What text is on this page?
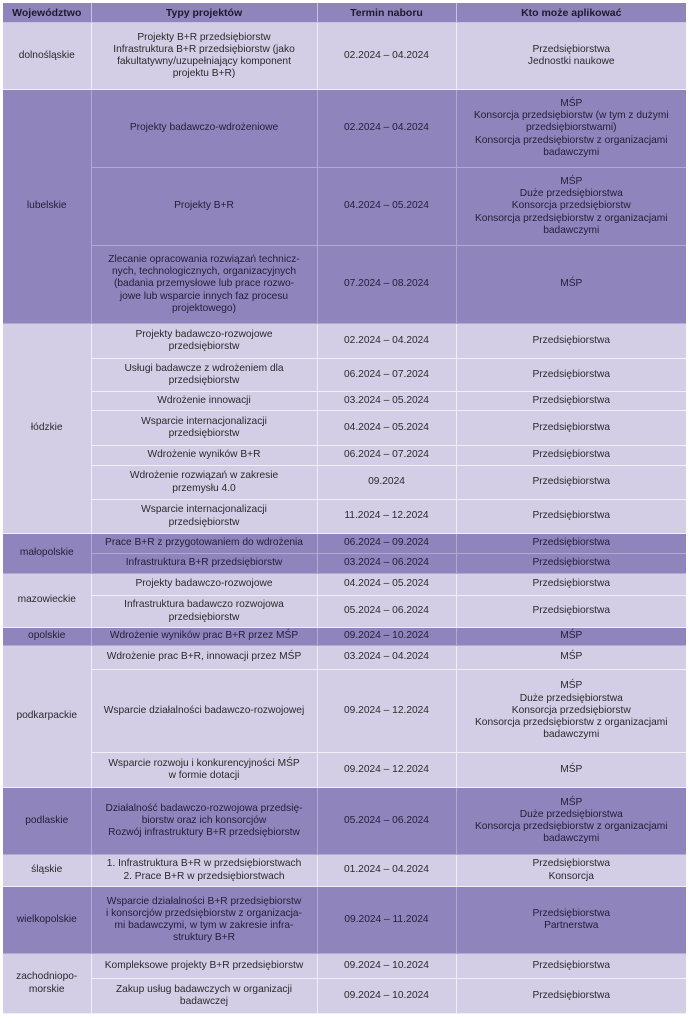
Województwo	Typy projektów	Termin naboru	Kto może aplikować

dolnośląskie	Projekty B+R przedsiębiorstw
Infrastruktura B+R przedsiębiorstw (jako
fakultatywny/uzupełniający komponent
projektu B+R)	02.2024 – 04.2024	Przedsiębiorstwa
Jednostki naukowe

lubelskie	Projekty badawczo-wdrożeniowe	02.2024 – 04.2024	MŚP
Konsorcja przedsiębiorstw (w tym z dużymi
przedsiębiorstwami)
Konsorcja przedsiębiorstw z organizacjami
badawczymi

	Projekty B+R	04.2024 – 05.2024	MŚP
Duże przedsiębiorstwa
Konsorcja przedsiębiorstw
Konsorcja przedsiębiorstw z organizacjami
badawczymi

	Zlecanie opracowania rozwiązań technicz-
nych, technologicznych, organizacyjnych
(badania przemysłowe lub prace rozwo-
jowe lub wsparcie innych faz procesu
projektowego)	07.2024 – 08.2024	MŚP

łódzkie	Projekty badawczo-rozwojowe
przedsiębiorstw	02.2024 – 04.2024	Przedsiębiorstwa

	Usługi badawcze z wdrożeniem dla
przedsiębiorstw	06.2024 – 07.2024	Przedsiębiorstwa

	Wdrożenie innowacji	03.2024 – 05.2024	Przedsiębiorstwa

	Wsparcie internacjonalizacji
przedsiębiorstw	04.2024 – 05.2024	Przedsiębiorstwa

	Wdrożenie wyników B+R	06.2024 – 07.2024	Przedsiębiorstwa

	Wdrożenie rozwiązań w zakresie
przemysłu 4.0	09.2024	Przedsiębiorstwa

	Wsparcie internacjonalizacji
przedsiębiorstw	11.2024 – 12.2024	Przedsiębiorstwa

małopolskie	Prace B+R z przygotowaniem do wdrożenia	06.2024 – 09.2024	Przedsiębiorstwa

	Infrastruktura B+R przedsiębiorstw	03.2024 – 06.2024	Przedsiębiorstwa

mazowieckie	Projekty badawczo-rozwojowe	04.2024 – 05.2024	Przedsiębiorstwa

	Infrastruktura badawczo rozwojowa
przedsiębiorstw	05.2024 – 06.2024	Przedsiębiorstwa

opolskie	Wdrożenie wyników prac B+R przez MŚP	09.2024 – 10.2024	MŚP

podkarpackie	Wdrożenie prac B+R, innowacji przez MŚP	03.2024 – 04.2024	MŚP

	Wsparcie działalności badawczo-rozwojowej	09.2024 – 12.2024	MŚP
Duże przedsiębiorstwa
Konsorcja przedsiębiorstw
Konsorcja przedsiębiorstw z organizacjami
badawczymi

	Wsparcie rozwoju i konkurencyjności MŚP
w formie dotacji	09.2024 – 12.2024	MŚP

podlaskie	Działalność badawczo-rozwojowa przedsię-
biorstw oraz ich konsorcjów
Rozwój infrastruktury B+R przedsiębiorstw	05.2024 – 06.2024	MŚP
Duże przedsiębiorstwa
Konsorcja przedsiębiorstw z organizacjami
badawczymi

śląskie	1. Infrastruktura B+R w przedsiębiorstwach
2. Prace B+R w przedsiębiorstwach	01.2024 – 04.2024	Przedsiębiorstwa
Konsorcja

wielkopolskie	Wsparcie działalności B+R przedsiębiorstw
i konsorcjów przedsiębiorstw z organizacja-
mi badawczymi, w tym w zakresie infra-
struktury B+R	09.2024 – 11.2024	Przedsiębiorstwa
Partnerstwa

zachodniopo-
morskie	Kompleksowe projekty B+R przedsiębiorstw	09.2024 – 10.2024	Przedsiębiorstwa

	Zakup usług badawczych w organizacji
badawczej	09.2024 – 10.2024	Przedsiębiorstwa
